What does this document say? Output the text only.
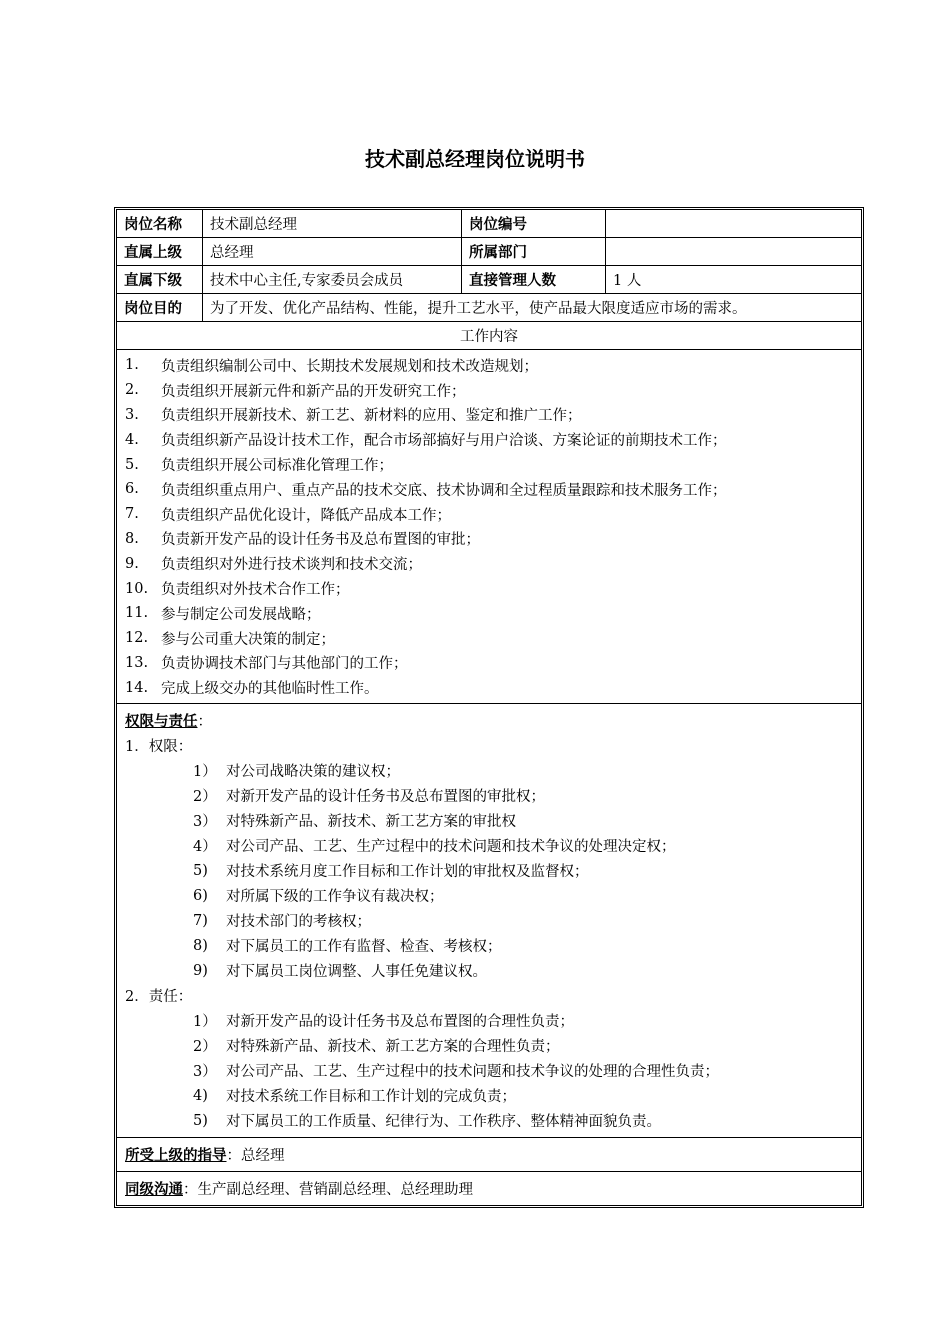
技术副总经理岗位说明书
岗位名称	技术副总经理	岗位编号
直属上级	总经理	所属部门
直属下级	技术中心主任,专家委员会成员	直接管理人数	1 人
岗位目的	为了开发、优化产品结构、性能，提升工艺水平，使产品最大限度适应市场的需求。
工作内容
1.	负责组织编制公司中、长期技术发展规划和技术改造规划；
2.	负责组织开展新元件和新产品的开发研究工作；
3.	负责组织开展新技术、新工艺、新材料的应用、鉴定和推广工作；
4.	负责组织新产品设计技术工作，配合市场部搞好与用户洽谈、方案论证的前期技术工作；
5.	负责组织开展公司标准化管理工作；
6.	负责组织重点用户、重点产品的技术交底、技术协调和全过程质量跟踪和技术服务工作；
7.	负责组织产品优化设计，降低产品成本工作；
8.	负责新开发产品的设计任务书及总布置图的审批；
9.	负责组织对外进行技术谈判和技术交流；
10. 负责组织对外技术合作工作；
11. 参与制定公司发展战略；
12. 参与公司重大决策的制定；
13. 负责协调技术部门与其他部门的工作；
14. 完成上级交办的其他临时性工作。
权限与责任 ：
1．权限：
1） 对公司战略决策的建议权；
2） 对新开发产品的设计任务书及总布置图的审批权；
3） 对特殊新产品、新技术、新工艺方案的审批权
4） 对公司产品、工艺、生产过程中的技术问题和技术争议的处理决定权；
5)	对技术系统月度工作目标和工作计划的审批权及监督权；
6)	对所属下级的工作争议有裁决权；
7)	对技术部门的考核权；
8)	对下属员工的工作有监督、检查、考核权；
9)	对下属员工岗位调整、人事任免建议权。
2．责任：
1） 对新开发产品的设计任务书及总布置图的合理性负责；
2） 对特殊新产品、新技术、新工艺方案的合理性负责；
3） 对公司产品、工艺、生产过程中的技术问题和技术争议的处理的合理性负责；
4)	对技术系统工作目标和工作计划的完成负责；
5)	对下属员工的工作质量、纪律行为、工作秩序、整体精神面貌负责。
所受上级的指导 ： 总经理
同级沟通 ： 生产副总经理、营销副总经理、总经理助理
